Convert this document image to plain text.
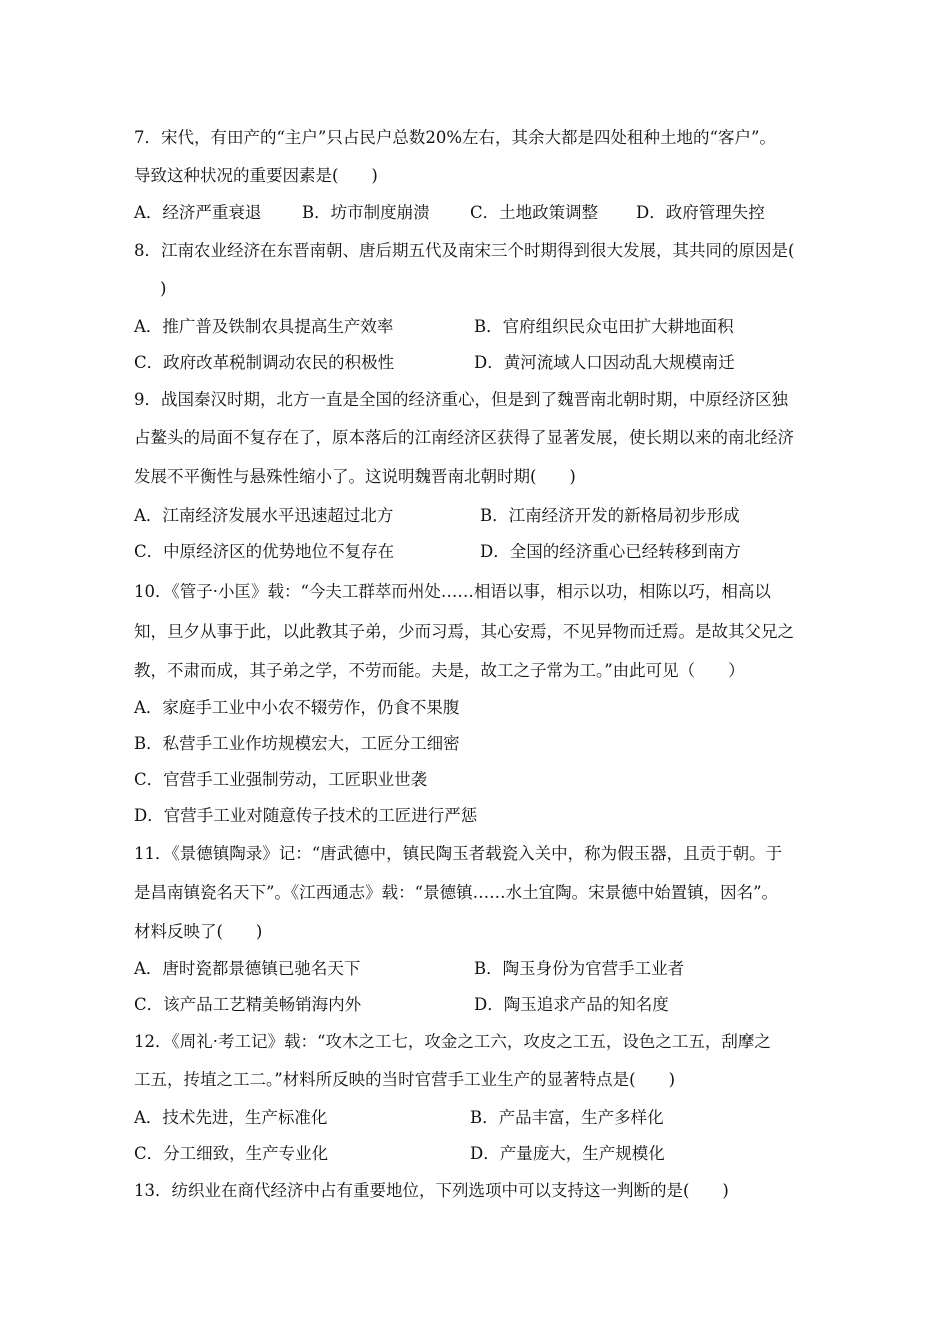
7．宋代，有田产的“主户”只占民户总数20%左右，其余大都是四处租种土地的“客户”。
导致这种状况的重要因素是(　　)
A．经济严重衰退 B．坊市制度崩溃 C．土地政策调整 D．政府管理失控
8．江南农业经济在东晋南朝、唐后期五代及南宋三个时期得到很大发展，其共同的原因是(
)
A．推广普及铁制农具提高生产效率	B．官府组织民众屯田扩大耕地面积
C．政府改革税制调动农民的积极性	D．黄河流域人口因动乱大规模南迁
9．战国秦汉时期，北方一直是全国的经济重心，但是到了魏晋南北朝时期，中原经济区独
占鳌头的局面不复存在了，原本落后的江南经济区获得了显著发展，使长期以来的南北经济
发展不平衡性与悬殊性缩小了。这说明魏晋南北朝时期(　　)
A．江南经济发展水平迅速超过北方	B．江南经济开发的新格局初步形成
C．中原经济区的优势地位不复存在	D．全国的经济重心已经转移到南方
10．《管子·小匡》载：“今夫工群萃而州处……相语以事，相示以功，相陈以巧，相高以
知，旦夕从事于此，以此教其子弟，少而习焉，其心安焉，不见异物而迁焉。是故其父兄之
教，不肃而成，其子弟之学，不劳而能。夫是，故工之子常为工。”由此可见（　　）
A．家庭手工业中小农不辍劳作，仍食不果腹
B．私营手工业作坊规模宏大，工匠分工细密
C．官营手工业强制劳动，工匠职业世袭
D．官营手工业对随意传子技术的工匠进行严惩
11．《景德镇陶录》记：“唐武德中，镇民陶玉者载瓷入关中，称为假玉器，且贡于朝。于
是昌南镇瓷名天下”。《江西通志》载：“景德镇……水土宜陶。宋景德中始置镇，因名”。
材料反映了(　　)
A．唐时瓷都景德镇已驰名天下	B．陶玉身份为官营手工业者
C．该产品工艺精美畅销海内外	D．陶玉追求产品的知名度
12．《周礼·考工记》载：“攻木之工七，攻金之工六，攻皮之工五，设色之工五，刮摩之
工五，抟埴之工二。”材料所反映的当时官营手工业生产的显著特点是(　　)
A．技术先进，生产标准化	B．产品丰富，生产多样化
C．分工细致，生产专业化	D．产量庞大，生产规模化
13．纺织业在商代经济中占有重要地位，下列选项中可以支持这一判断的是(　　)
